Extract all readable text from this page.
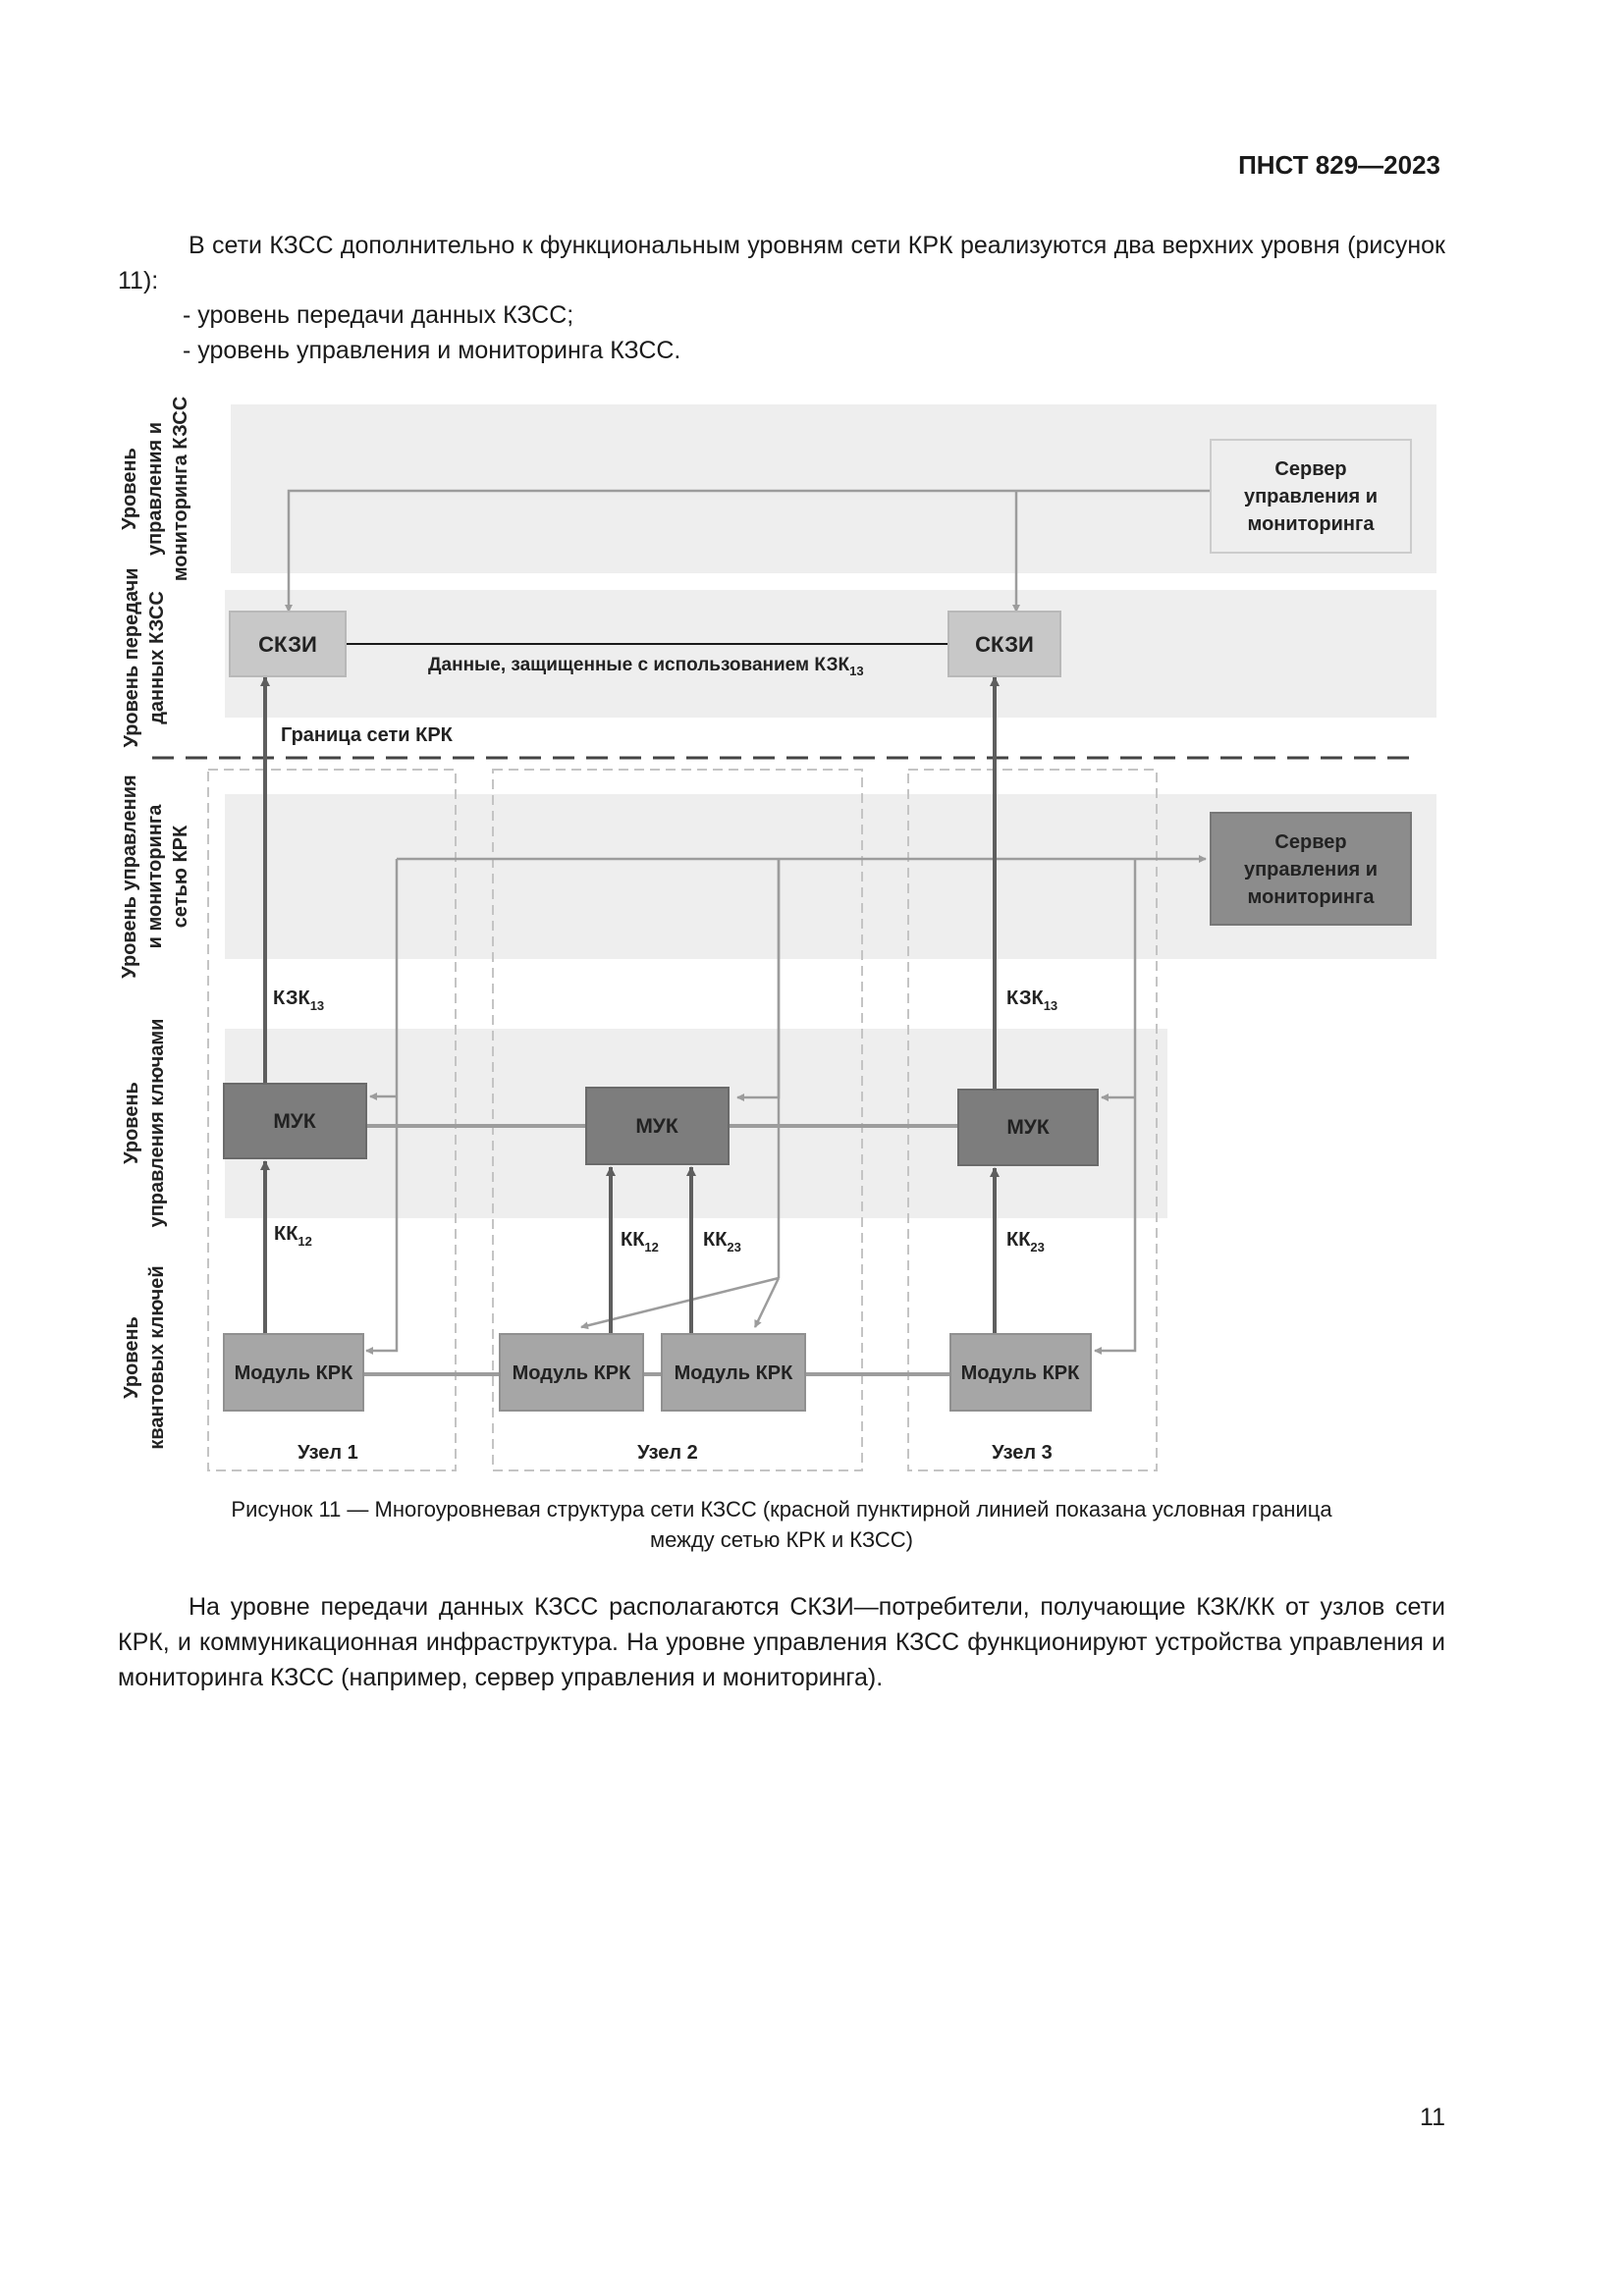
ПНСТ 829—2023
В сети КЗСС дополнительно к функциональным уровням сети КРК реализуются два верхних уровня (рисунок 11):
- уровень передачи данных КЗСС;
- уровень управления и мониторинга КЗСС.
Уровень управления и мониторинга КЗСС
Уровень передачи данных КЗСС
Уровень управления и мониторинга сетью КРК
Уровень управления ключами
Уровень квантовых ключей
Данные, защищенные с использованием $КЗК_{13}$
Граница сети КРК
Сервер
управления и
мониторинга
Сервер
управления и
мониторинга
СКЗИ	СКЗИ
МУК	МУК	МУК
Модуль КРК	Модуль КРК Модуль КРК	Модуль КРК
$КЗК_{13}$	$КЗК_{13}$
$КК_{12}$	$КК_{12}$ $КК_{23}$	$КК_{23}$
Узел 1	Узел 2	Узел 3
Рисунок 11 — Многоуровневая структура сети КЗСС (красной пунктирной линией показана условная граница
между сетью КРК и КЗСС)
На уровне передачи данных КЗСС располагаются СКЗИ—потребители, получающие КЗК/КК от узлов сети КРК, и коммуникационная инфраструктура. На уровне управления КЗСС функционируют устройства управления и мониторинга КЗСС (например, сервер управления и мониторинга).
11
